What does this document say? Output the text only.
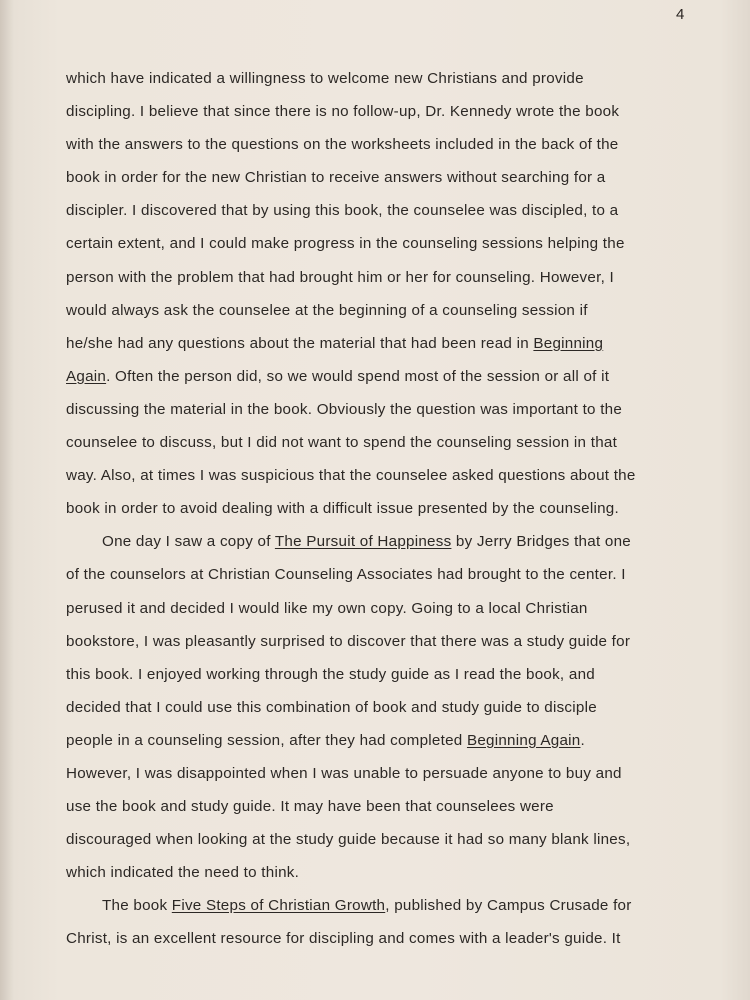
4
which have indicated a willingness to welcome new Christians and provide
discipling. I believe that since there is no follow-up, Dr. Kennedy wrote the book
with the answers to the questions on the worksheets included in the back of the
book in order for the new Christian to receive answers without searching for a
discipler. I discovered that by using this book, the counselee was discipled, to a
certain extent, and I could make progress in the counseling sessions helping the
person with the problem that had brought him or her for counseling. However, I
would always ask the counselee at the beginning of a counseling session if
he/she had any questions about the material that had been read in Beginning
Again. Often the person did, so we would spend most of the session or all of it
discussing the material in the book. Obviously the question was important to the
counselee to discuss, but I did not want to spend the counseling session in that
way. Also, at times I was suspicious that the counselee asked questions about the
book in order to avoid dealing with a difficult issue presented by the counseling.
One day I saw a copy of The Pursuit of Happiness by Jerry Bridges that one
of the counselors at Christian Counseling Associates had brought to the center. I
perused it and decided I would like my own copy. Going to a local Christian
bookstore, I was pleasantly surprised to discover that there was a study guide for
this book. I enjoyed working through the study guide as I read the book, and
decided that I could use this combination of book and study guide to disciple
people in a counseling session, after they had completed Beginning Again.
However, I was disappointed when I was unable to persuade anyone to buy and
use the book and study guide. It may have been that counselees were
discouraged when looking at the study guide because it had so many blank lines,
which indicated the need to think.
The book Five Steps of Christian Growth, published by Campus Crusade for
Christ, is an excellent resource for discipling and comes with a leader's guide. It
